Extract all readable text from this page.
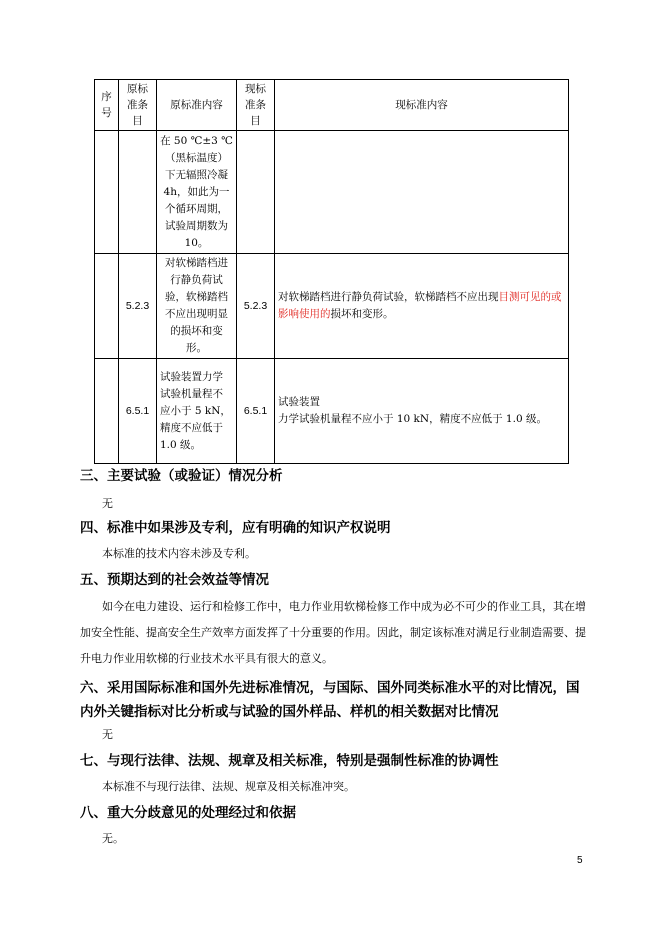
序号	原标准条目	原标准内容	现标准条目	现标准内容
		在 50 ℃±3 ℃（黑标温度）下无辐照冷凝 4h，如此为一个循环周期，试验周期数为 10。		
	5.2.3	对软梯踏档进行静负荷试验，软梯踏档不应出现明显的损坏和变形。	5.2.3	对软梯踏档进行静负荷试验，软梯踏档不应出现目测可见的或影响使用的损坏和变形。
	6.5.1	试验装置力学试验机量程不应小于 5 kN，精度不应低于 1.0 级。	6.5.1	试验装置
力学试验机量程不应小于 10 kN，精度不应低于 1.0 级。

三、主要试验（或验证）情况分析

无

四、标准中如果涉及专利，应有明确的知识产权说明

本标准的技术内容未涉及专利。

五、预期达到的社会效益等情况

如今在电力建设、运行和检修工作中，电力作业用软梯检修工作中成为必不可少的作业工具，其在增加安全性能、提高安全生产效率方面发挥了十分重要的作用。因此，制定该标准对满足行业制造需要、提升电力作业用软梯的行业技术水平具有很大的意义。

六、采用国际标准和国外先进标准情况，与国际、国外同类标准水平的对比情况，国内外关键指标对比分析或与试验的国外样品、样机的相关数据对比情况

无

七、与现行法律、法规、规章及相关标准，特别是强制性标准的协调性

本标准不与现行法律、法规、规章及相关标准冲突。

八、重大分歧意见的处理经过和依据

无。

5
